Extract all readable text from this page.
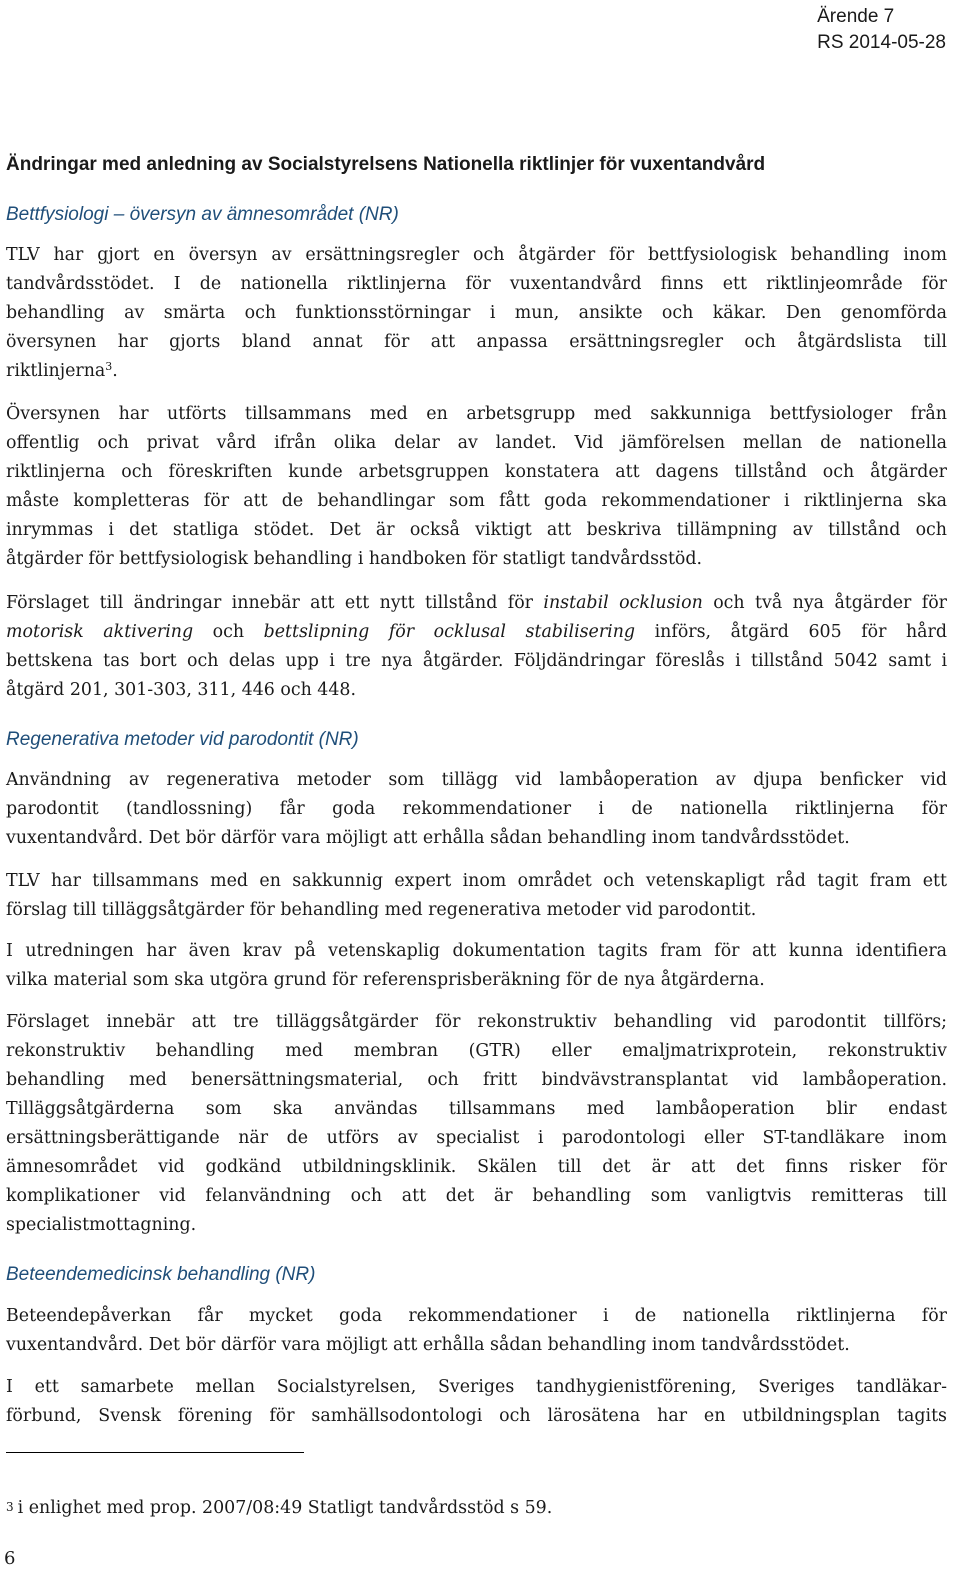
Ärende 7
RS 2014-05-28
Ändringar med anledning av Socialstyrelsens Nationella riktlinjer för vuxentandvård
Bettfysiologi – översyn av ämnesområdet (NR)

TLV har gjort en översyn av ersättningsregler och åtgärder för bettfysiologisk behandling inom
tandvårdsstödet. I de nationella riktlinjerna för vuxentandvård finns ett riktlinjeområde för
behandling av smärta och funktionsstörningar i mun, ansikte och käkar. Den genomförda
översynen har gjorts bland annat för att anpassa ersättningsregler och åtgärdslista till
riktlinjerna$^3$.

Översynen har utförts tillsammans med en arbetsgrupp med sakkunniga bettfysiologer från
offentlig och privat vård ifrån olika delar av landet. Vid jämförelsen mellan de nationella
riktlinjerna och föreskriften kunde arbetsgruppen konstatera att dagens tillstånd och åtgärder
måste kompletteras för att de behandlingar som fått goda rekommendationer i riktlinjerna ska
inrymmas i det statliga stödet. Det är också viktigt att beskriva tillämpning av tillstånd och
åtgärder för bettfysiologisk behandling i handboken för statligt tandvårdsstöd.

Förslaget till ändringar innebär att ett nytt tillstånd för instabil ocklusion och två nya åtgärder för
motorisk aktivering och bettslipning för ocklusal stabilisering införs, åtgärd 605 för hård
bettskena tas bort och delas upp i tre nya åtgärder. Följdändringar föreslås i tillstånd 5042 samt i
åtgärd 201, 301-303, 311, 446 och 448.

Regenerativa metoder vid parodontit (NR)

Användning av regenerativa metoder som tillägg vid lambåoperation av djupa benficker vid
parodontit (tandlossning) får goda rekommendationer i de nationella riktlinjerna för
vuxentandvård. Det bör därför vara möjligt att erhålla sådan behandling inom tandvårdsstödet.

TLV har tillsammans med en sakkunnig expert inom området och vetenskapligt råd tagit fram ett
förslag till tilläggsåtgärder för behandling med regenerativa metoder vid parodontit.

I utredningen har även krav på vetenskaplig dokumentation tagits fram för att kunna identifiera
vilka material som ska utgöra grund för referensprisberäkning för de nya åtgärderna.

Förslaget innebär att tre tilläggsåtgärder för rekonstruktiv behandling vid parodontit tillförs;
rekonstruktiv behandling med membran (GTR) eller emaljmatrixprotein, rekonstruktiv
behandling med benersättningsmaterial, och fritt bindvävstransplantat vid lambåoperation.
Tilläggsåtgärderna som ska användas tillsammans med lambåoperation blir endast
ersättningsberättigande när de utförs av specialist i parodontologi eller ST-tandläkare inom
ämnesområdet vid godkänd utbildningsklinik. Skälen till det är att det finns risker för
komplikationer vid felanvändning och att det är behandling som vanligtvis remitteras till
specialistmottagning.

Beteendemedicinsk behandling (NR)

Beteendepåverkan får mycket goda rekommendationer i de nationella riktlinjerna för
vuxentandvård. Det bör därför vara möjligt att erhålla sådan behandling inom tandvårdsstödet.

I ett samarbete mellan Socialstyrelsen, Sveriges tandhygienistförening, Sveriges tandläkar-
förbund, Svensk förening för samhällsodontologi och lärosätena har en utbildningsplan tagits

3 i enlighet med prop. 2007/08:49 Statligt tandvårdsstöd s 59.

6
